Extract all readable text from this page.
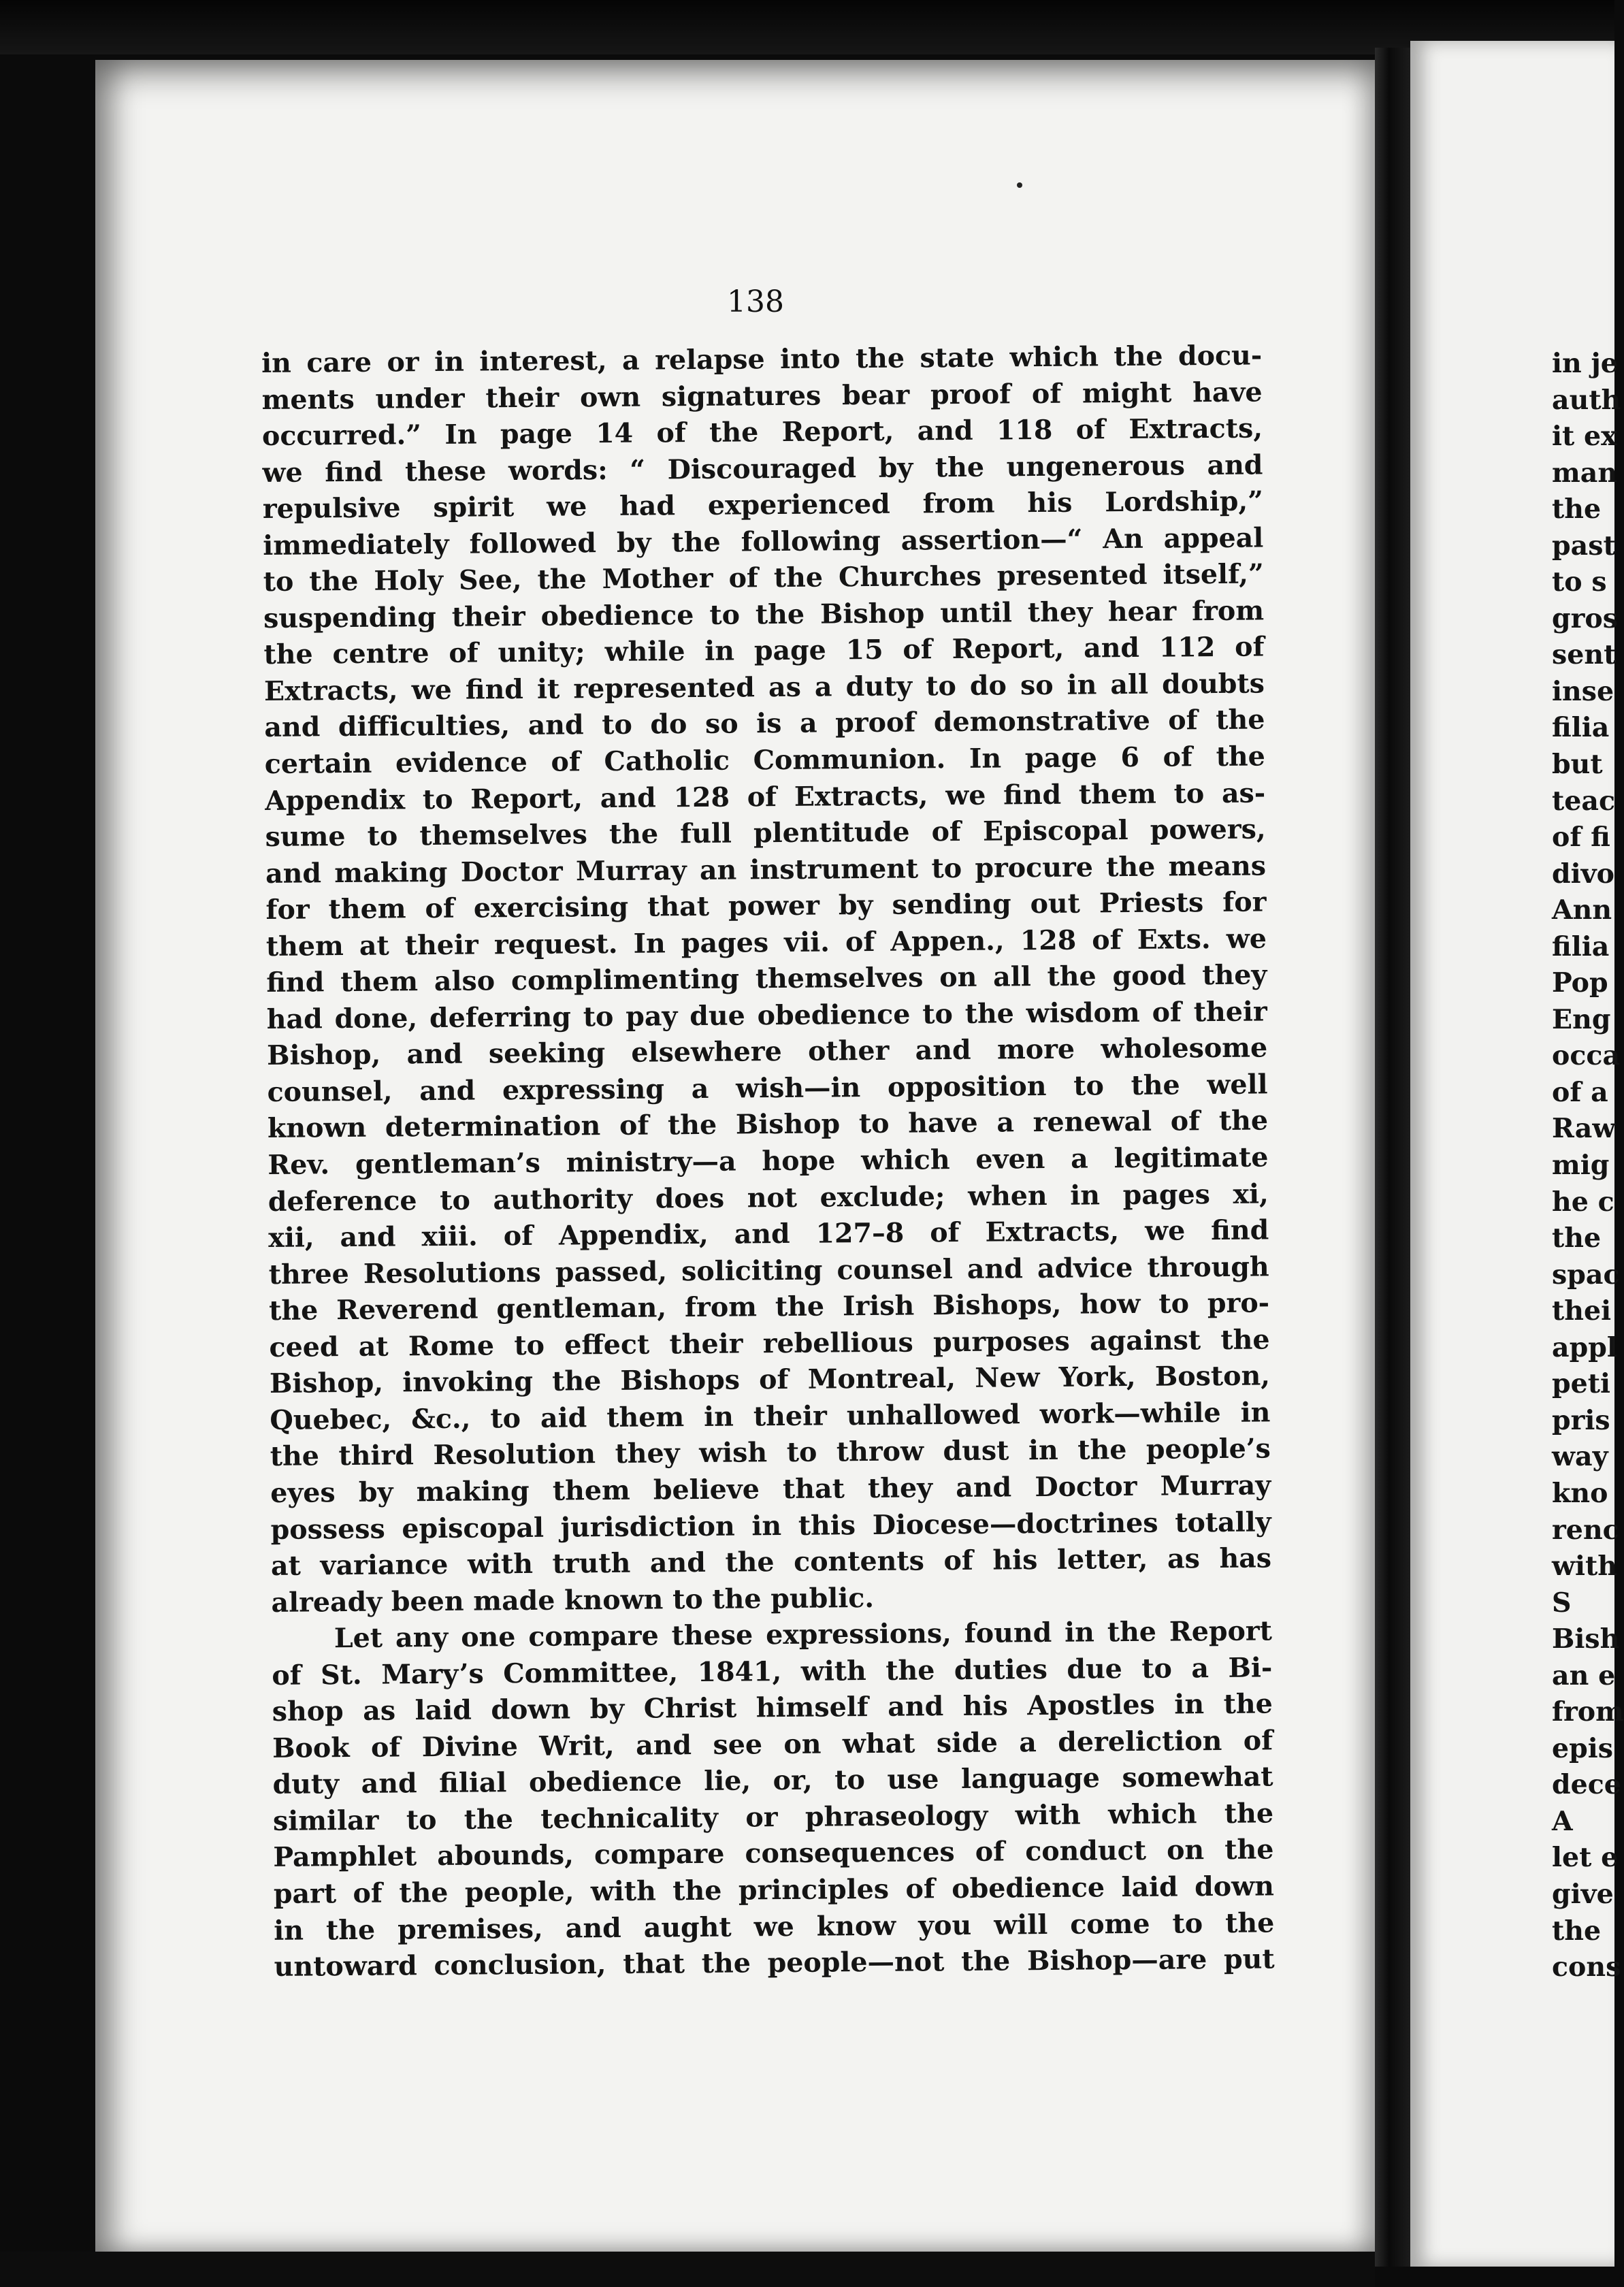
138
in care or in interest, a relapse into the state which the docu-
ments under their own signatures bear proof of might have
occurred.” In page 14 of the Report, and 118 of Extracts,
we find these words: “ Discouraged by the ungenerous and
repulsive spirit we had experienced from his Lordship,”
immediately followed by the following assertion—“ An appeal
to the Holy See, the Mother of the Churches presented itself,”
suspending their obedience to the Bishop until they hear from
the centre of unity; while in page 15 of Report, and 112 of
Extracts, we find it represented as a duty to do so in all doubts
and difficulties, and to do so is a proof demonstrative of the
certain evidence of Catholic Communion. In page 6 of the
Appendix to Report, and 128 of Extracts, we find them to as-
sume to themselves the full plentitude of Episcopal powers,
and making Doctor Murray an instrument to procure the means
for them of exercising that power by sending out Priests for
them at their request. In pages vii. of Appen., 128 of Exts. we
find them also complimenting themselves on all the good they
had done, deferring to pay due obedience to the wisdom of their
Bishop, and seeking elsewhere other and more wholesome
counsel, and expressing a wish—in opposition to the well
known determination of the Bishop to have a renewal of the
Rev. gentleman’s ministry—a hope which even a legitimate
deference to authority does not exclude; when in pages xi,
xii, and xiii. of Appendix, and 127–8 of Extracts, we find
three Resolutions passed, soliciting counsel and advice through
the Reverend gentleman, from the Irish Bishops, how to pro-
ceed at Rome to effect their rebellious purposes against the
Bishop, invoking the Bishops of Montreal, New York, Boston,
Quebec, &c., to aid them in their unhallowed work—while in
the third Resolution they wish to throw dust in the people’s
eyes by making them believe that they and Doctor Murray
possess episcopal jurisdiction in this Diocese—doctrines totally
at variance with truth and the contents of his letter, as has
already been made known to the public.
Let any one compare these expressions, found in the Report
of St. Mary’s Committee, 1841, with the duties due to a Bi-
shop as laid down by Christ himself and his Apostles in the
Book of Divine Writ, and see on what side a dereliction of
duty and filial obedience lie, or, to use language somewhat
similar to the technicality or phraseology with which the
Pamphlet abounds, compare consequences of conduct on the
part of the people, with the principles of obedience laid down
in the premises, and aught we know you will come to the
untoward conclusion, that the people—not the Bishop—are put
in je
auth
it ex
man
the
past
to s
gros
sent
inse
filia
but
teac
of fi
divo
Ann
filia
Pop
Eng
occa
of a
Raw
mig
he c
the
spac
thei
appl
peti
pris
way
kno
renc
with
S
Bish
an e
from
epis
dece
A
let e
give
the
cons
